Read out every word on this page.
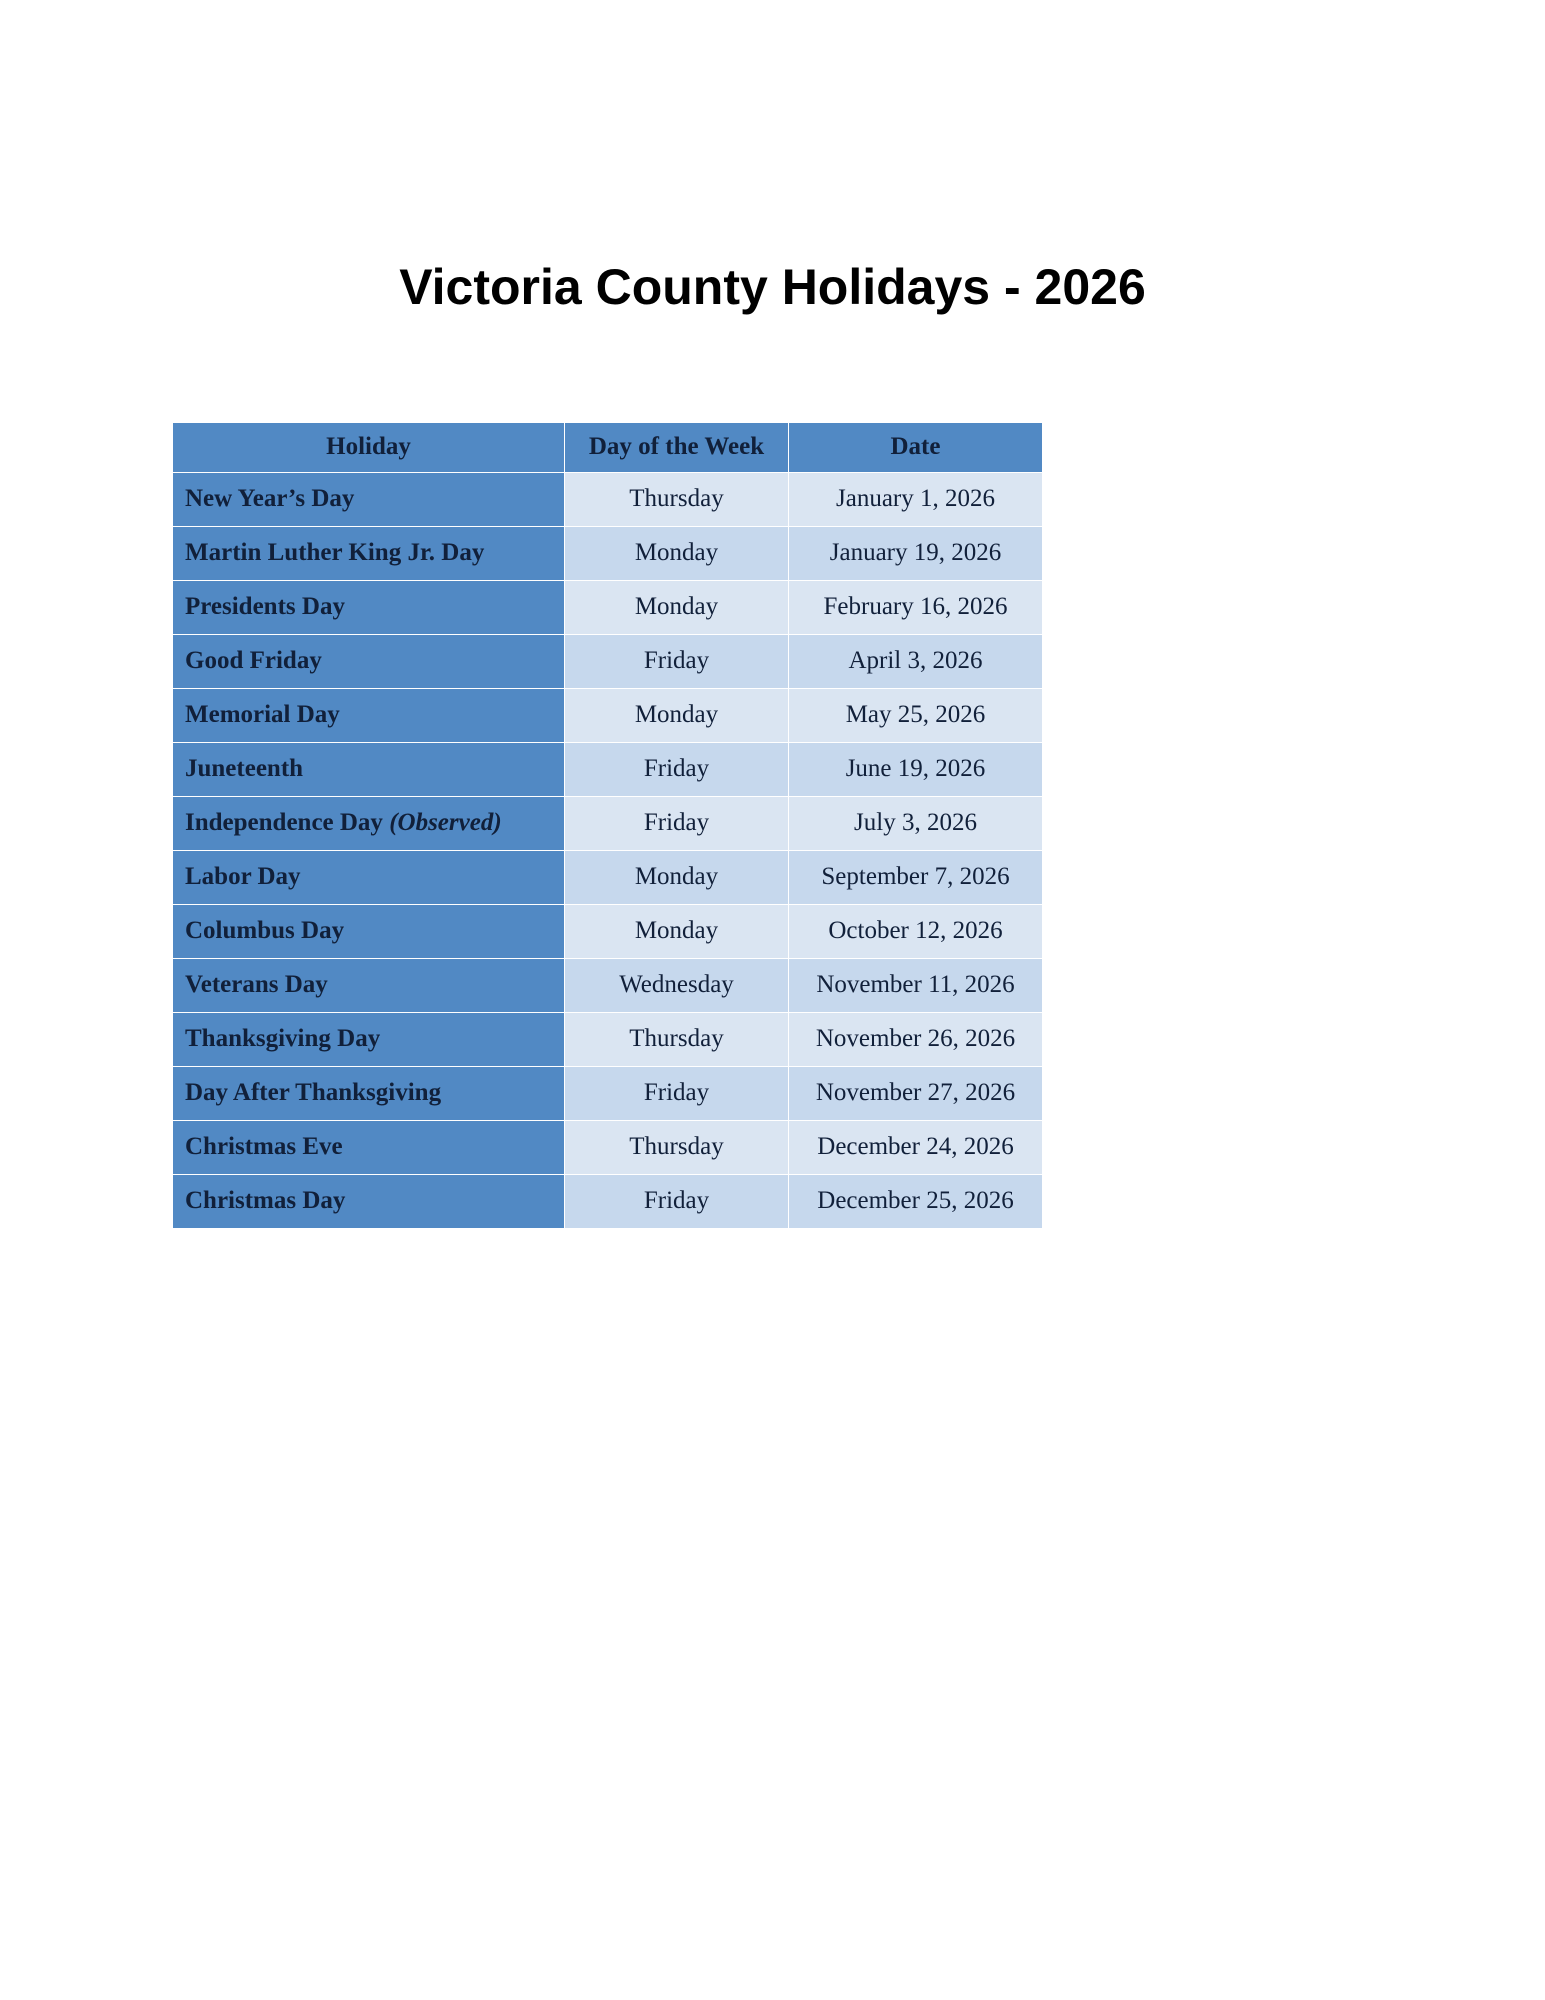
Victoria County Holidays - 2026
Holiday	Day of the Week	Date
New Year’s Day	Thursday	January 1, 2026
Martin Luther King Jr. Day	Monday	January 19, 2026
Presidents Day	Monday	February 16, 2026
Good Friday	Friday	April 3, 2026
Memorial Day	Monday	May 25, 2026
Juneteenth	Friday	June 19, 2026
Independence Day (Observed)	Friday	July 3, 2026
Labor Day	Monday	September 7, 2026
Columbus Day	Monday	October 12, 2026
Veterans Day	Wednesday	November 11, 2026
Thanksgiving Day	Thursday	November 26, 2026
Day After Thanksgiving	Friday	November 27, 2026
Christmas Eve	Thursday	December 24, 2026
Christmas Day	Friday	December 25, 2026
